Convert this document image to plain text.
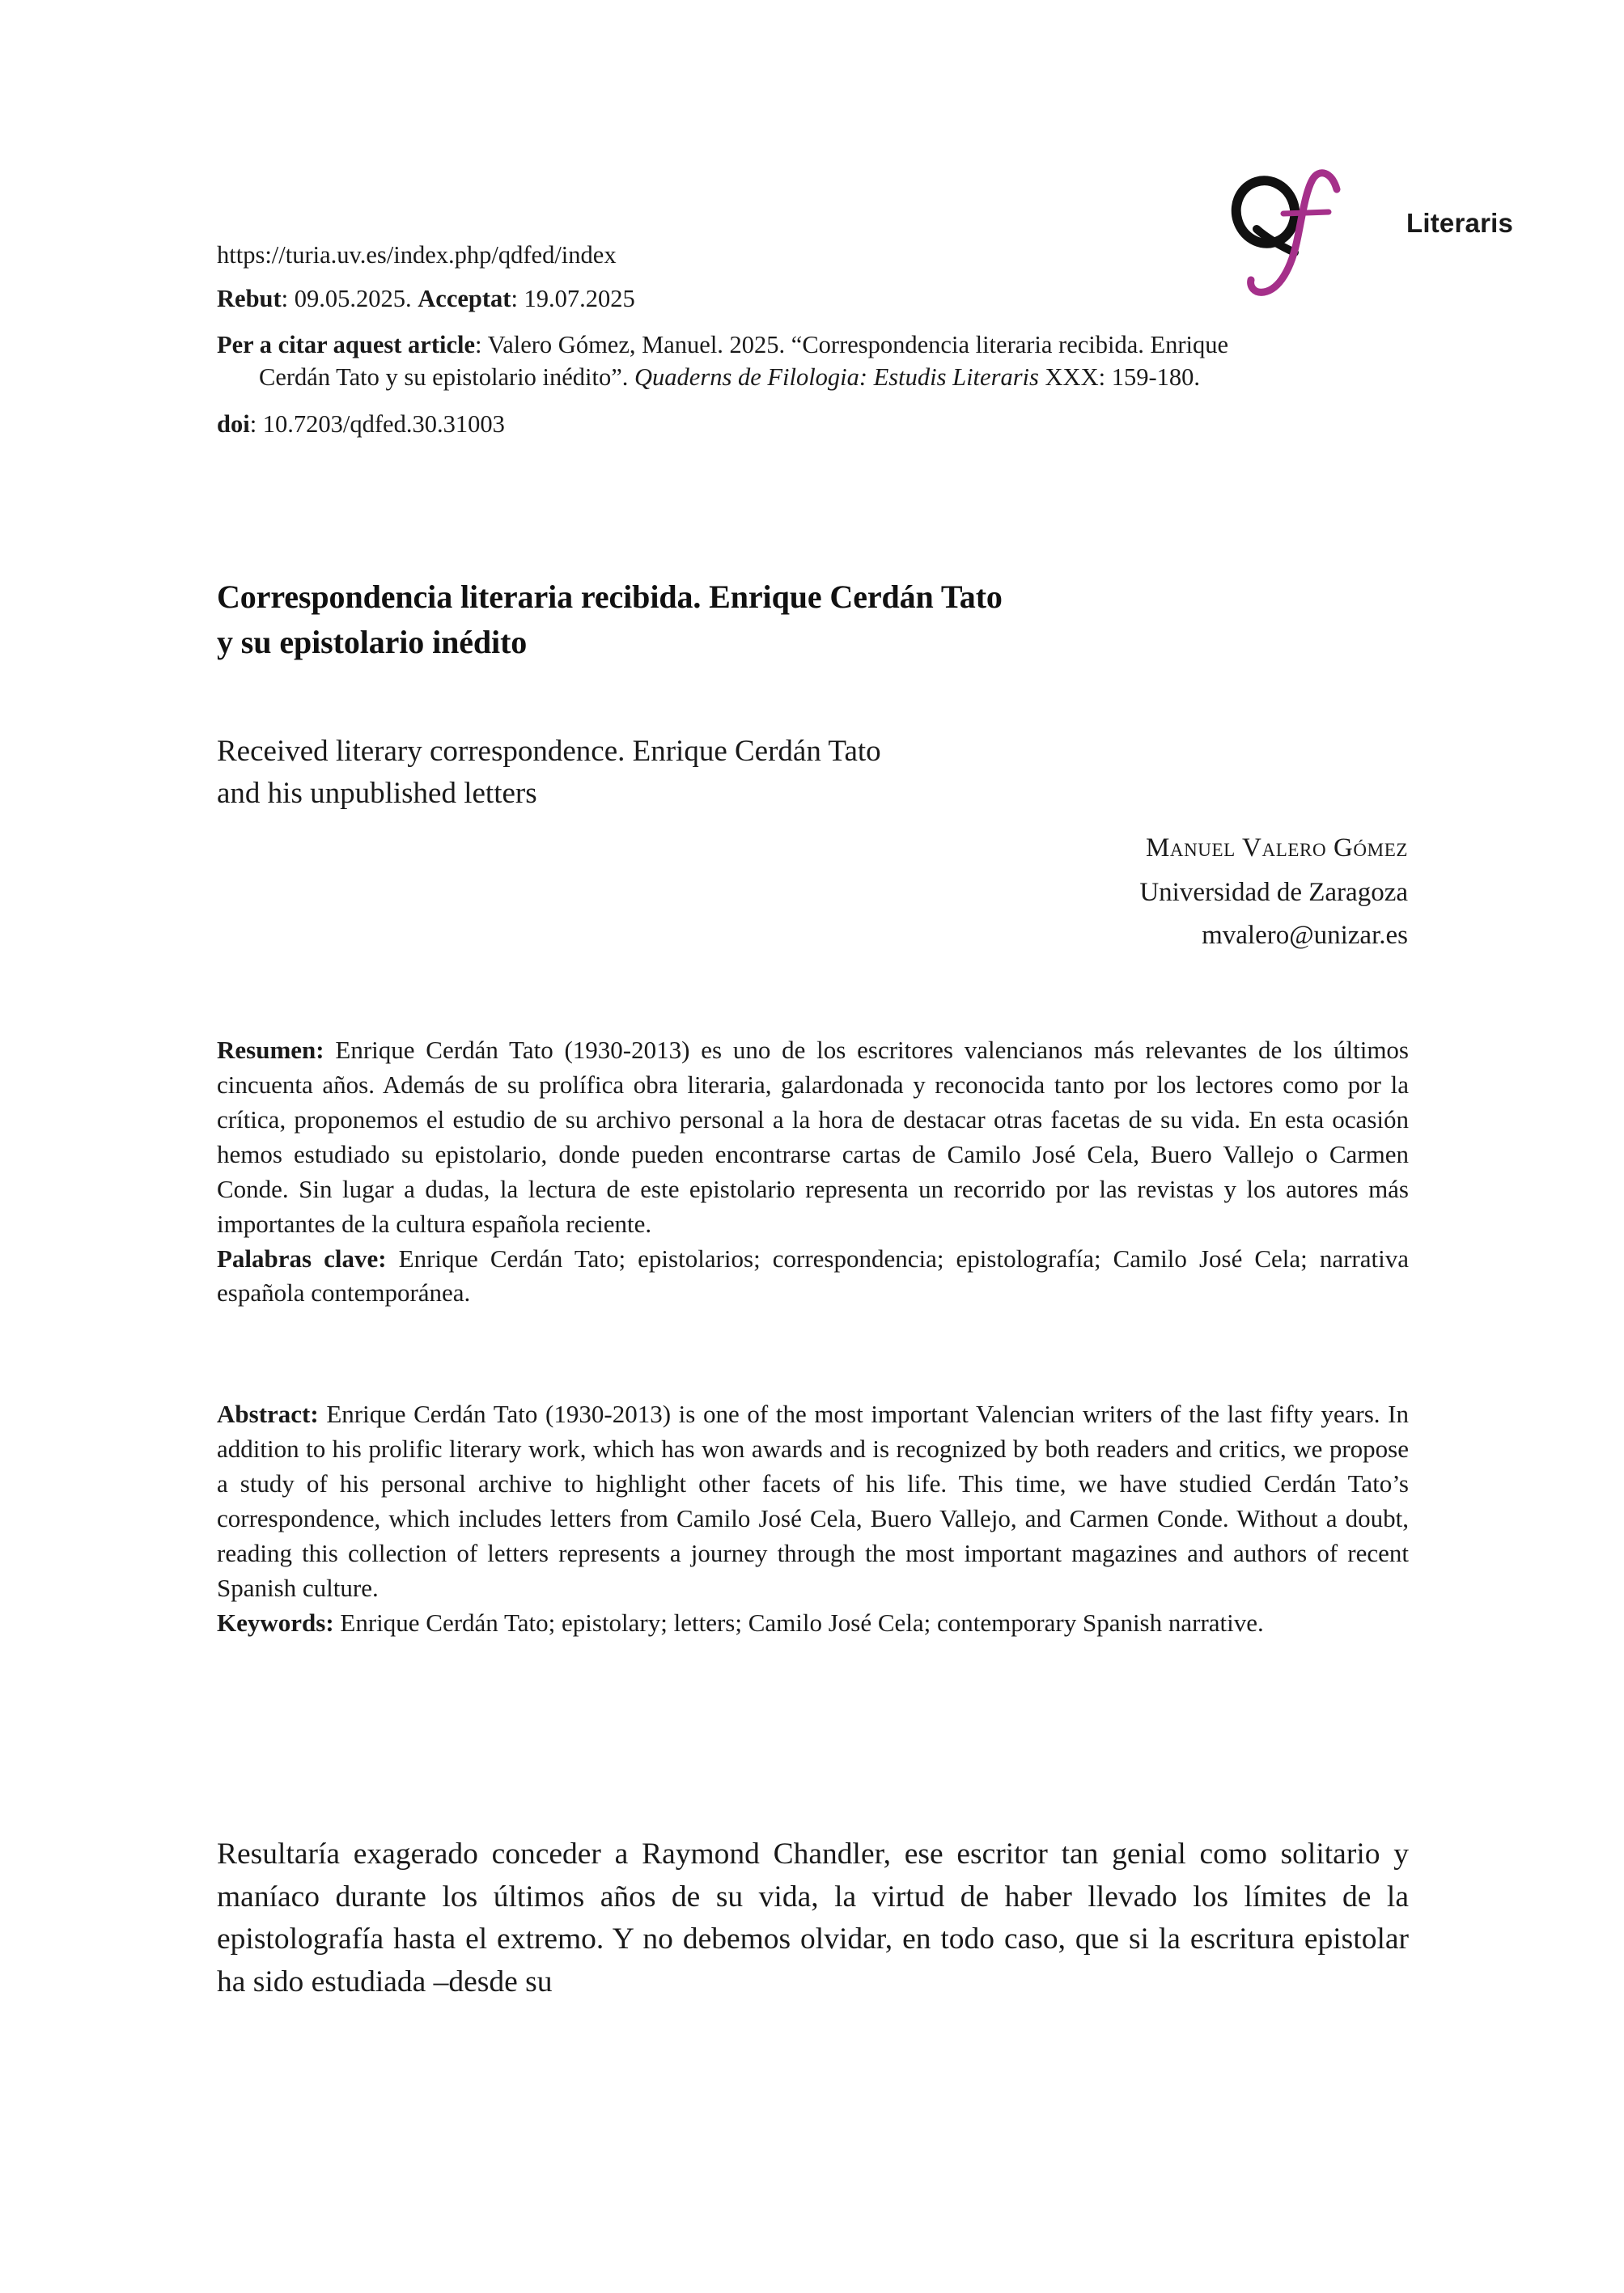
Literaris
https://turia.uv.es/index.php/qdfed/index
Rebut: 09.05.2025. Acceptat: 19.07.2025
Per a citar aquest article: Valero Gómez, Manuel. 2025. “Correspondencia literaria recibida. Enrique
Cerdán Tato y su epistolario inédito”. Quaderns de Filologia: Estudis Literaris XXX: 159-180.
doi: 10.7203/qdfed.30.31003
Correspondencia literaria recibida. Enrique Cerdán Tato
y su epistolario inédito
Received literary correspondence. Enrique Cerdán Tato
and his unpublished letters
Manuel Valero Gómez
Universidad de Zaragoza
mvalero@unizar.es

Resumen: Enrique Cerdán Tato (1930-2013) es uno de los escritores valencianos más relevantes de los últimos cincuenta años. Además de su prolífica obra literaria, galardonada y reconocida tanto por los lectores como por la crítica, proponemos el estudio de su archivo personal a la hora de destacar otras facetas de su vida. En esta ocasión hemos estudiado su epistolario, donde pueden encontrarse cartas de Camilo José Cela, Buero Vallejo o Carmen Conde. Sin lugar a dudas, la lectura de este epistolario representa un recorrido por las revistas y los autores más importantes de la cultura española reciente.

Palabras clave: Enrique Cerdán Tato; epistolarios; correspondencia; epistolografía; Camilo José Cela; narrativa española contemporánea.

Abstract: Enrique Cerdán Tato (1930-2013) is one of the most important Valencian writers of the last fifty years. In addition to his prolific literary work, which has won awards and is recognized by both readers and critics, we propose a study of his personal archive to highlight other facets of his life. This time, we have studied Cerdán Tato’s correspondence, which includes letters from Camilo José Cela, Buero Vallejo, and Carmen Conde. Without a doubt, reading this collection of letters represents a journey through the most important magazines and authors of recent Spanish culture.

Keywords: Enrique Cerdán Tato; epistolary; letters; Camilo José Cela; contemporary Spanish narrative.

Resultaría exagerado conceder a Raymond Chandler, ese escritor tan genial como solitario y maníaco durante los últimos años de su vida, la virtud de haber llevado los límites de la epistolografía hasta el extremo. Y no debemos olvidar, en todo caso, que si la escritura epistolar ha sido estudiada –desde su
